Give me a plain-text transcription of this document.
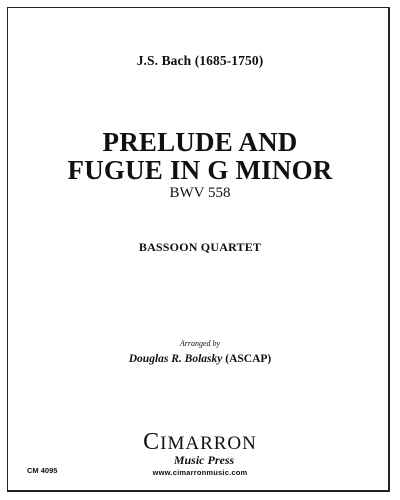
J.S. Bach (1685-1750)
PRELUDE AND
FUGUE IN G MINOR
BWV 558
BASSOON QUARTET
Arranged by
Douglas R. Bolasky (ASCAP)
CM 4095
CIMARRON
Music Press
www.cimarronmusic.com
